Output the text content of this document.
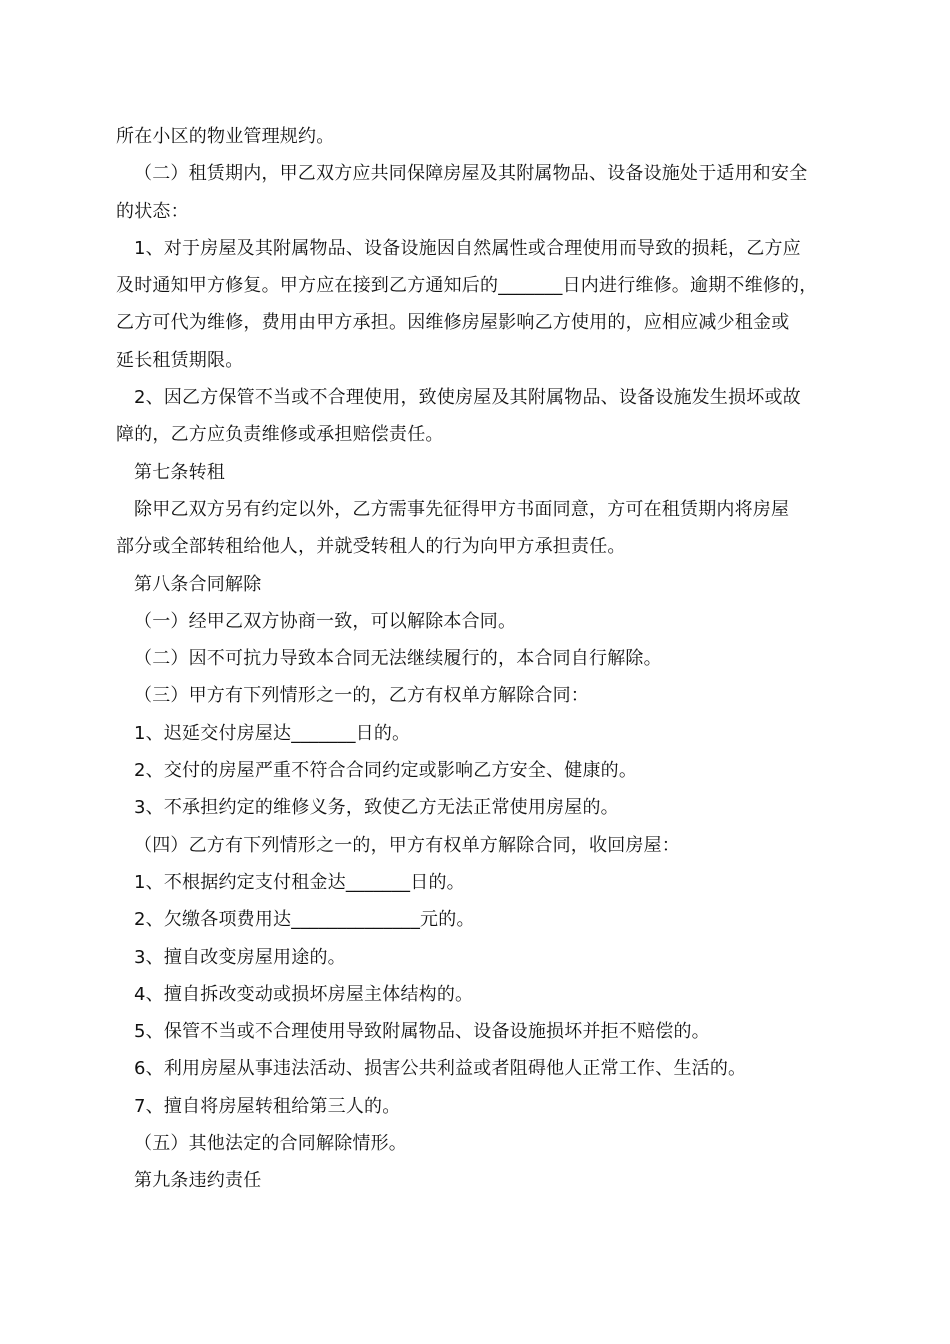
所在小区的物业管理规约。
（二）租赁期内，甲乙双方应共同保障房屋及其附属物品、设备设施处于适用和安全
的状态：
1、对于房屋及其附属物品、设备设施因自然属性或合理使用而导致的损耗，乙方应
及时通知甲方修复。甲方应在接到乙方通知后的_______日内进行维修。逾期不维修的，
乙方可代为维修，费用由甲方承担。因维修房屋影响乙方使用的，应相应减少租金或
延长租赁期限。
2、因乙方保管不当或不合理使用，致使房屋及其附属物品、设备设施发生损坏或故
障的，乙方应负责维修或承担赔偿责任。
第七条转租
除甲乙双方另有约定以外，乙方需事先征得甲方书面同意，方可在租赁期内将房屋
部分或全部转租给他人，并就受转租人的行为向甲方承担责任。
第八条合同解除
（一）经甲乙双方协商一致，可以解除本合同。
（二）因不可抗力导致本合同无法继续履行的，本合同自行解除。
（三）甲方有下列情形之一的，乙方有权单方解除合同：
1、迟延交付房屋达_______日的。
2、交付的房屋严重不符合合同约定或影响乙方安全、健康的。
3、不承担约定的维修义务，致使乙方无法正常使用房屋的。
（四）乙方有下列情形之一的，甲方有权单方解除合同，收回房屋：
1、不根据约定支付租金达_______日的。
2、欠缴各项费用达______________元的。
3、擅自改变房屋用途的。
4、擅自拆改变动或损坏房屋主体结构的。
5、保管不当或不合理使用导致附属物品、设备设施损坏并拒不赔偿的。
6、利用房屋从事违法活动、损害公共利益或者阻碍他人正常工作、生活的。
7、擅自将房屋转租给第三人的。
（五）其他法定的合同解除情形。
第九条违约责任
